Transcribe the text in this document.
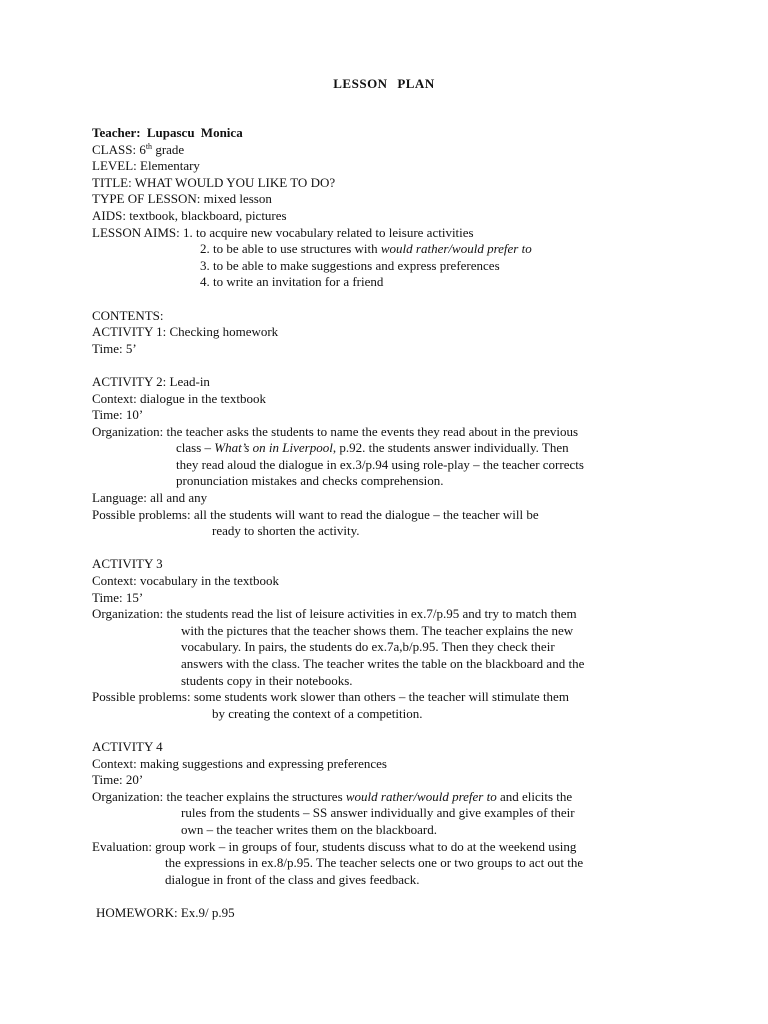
LESSON PLAN
Teacher: Lupascu Monica
CLASS: 6th grade
LEVEL: Elementary
TITLE: WHAT WOULD YOU LIKE TO DO?
TYPE OF LESSON: mixed lesson
AIDS: textbook, blackboard, pictures
LESSON AIMS: 1. to acquire new vocabulary related to leisure activities
2. to be able to use structures with would rather/would prefer to
3. to be able to make suggestions and express preferences
4. to write an invitation for a friend
CONTENTS:
ACTIVITY 1: Checking homework
Time: 5’
ACTIVITY 2: Lead-in
Context: dialogue in the textbook
Time: 10’
Organization: the teacher asks the students to name the events they read about in the previous
class – What’s on in Liverpool, p.92. the students answer individually. Then
they read aloud the dialogue in ex.3/p.94 using role-play – the teacher corrects
pronunciation mistakes and checks comprehension.
Language: all and any
Possible problems: all the students will want to read the dialogue – the teacher will be
ready to shorten the activity.
ACTIVITY 3
Context: vocabulary in the textbook
Time: 15’
Organization: the students read the list of leisure activities in ex.7/p.95 and try to match them
with the pictures that the teacher shows them. The teacher explains the new
vocabulary. In pairs, the students do ex.7a,b/p.95. Then they check their
answers with the class. The teacher writes the table on the blackboard and the
students copy in their notebooks.
Possible problems: some students work slower than others – the teacher will stimulate them
by creating the context of a competition.
ACTIVITY 4
Context: making suggestions and expressing preferences
Time: 20’
Organization: the teacher explains the structures would rather/would prefer to and elicits the
rules from the students – SS answer individually and give examples of their
own – the teacher writes them on the blackboard.
Evaluation: group work – in groups of four, students discuss what to do at the weekend using
the expressions in ex.8/p.95. The teacher selects one or two groups to act out the
dialogue in front of the class and gives feedback.
HOMEWORK: Ex.9/ p.95
